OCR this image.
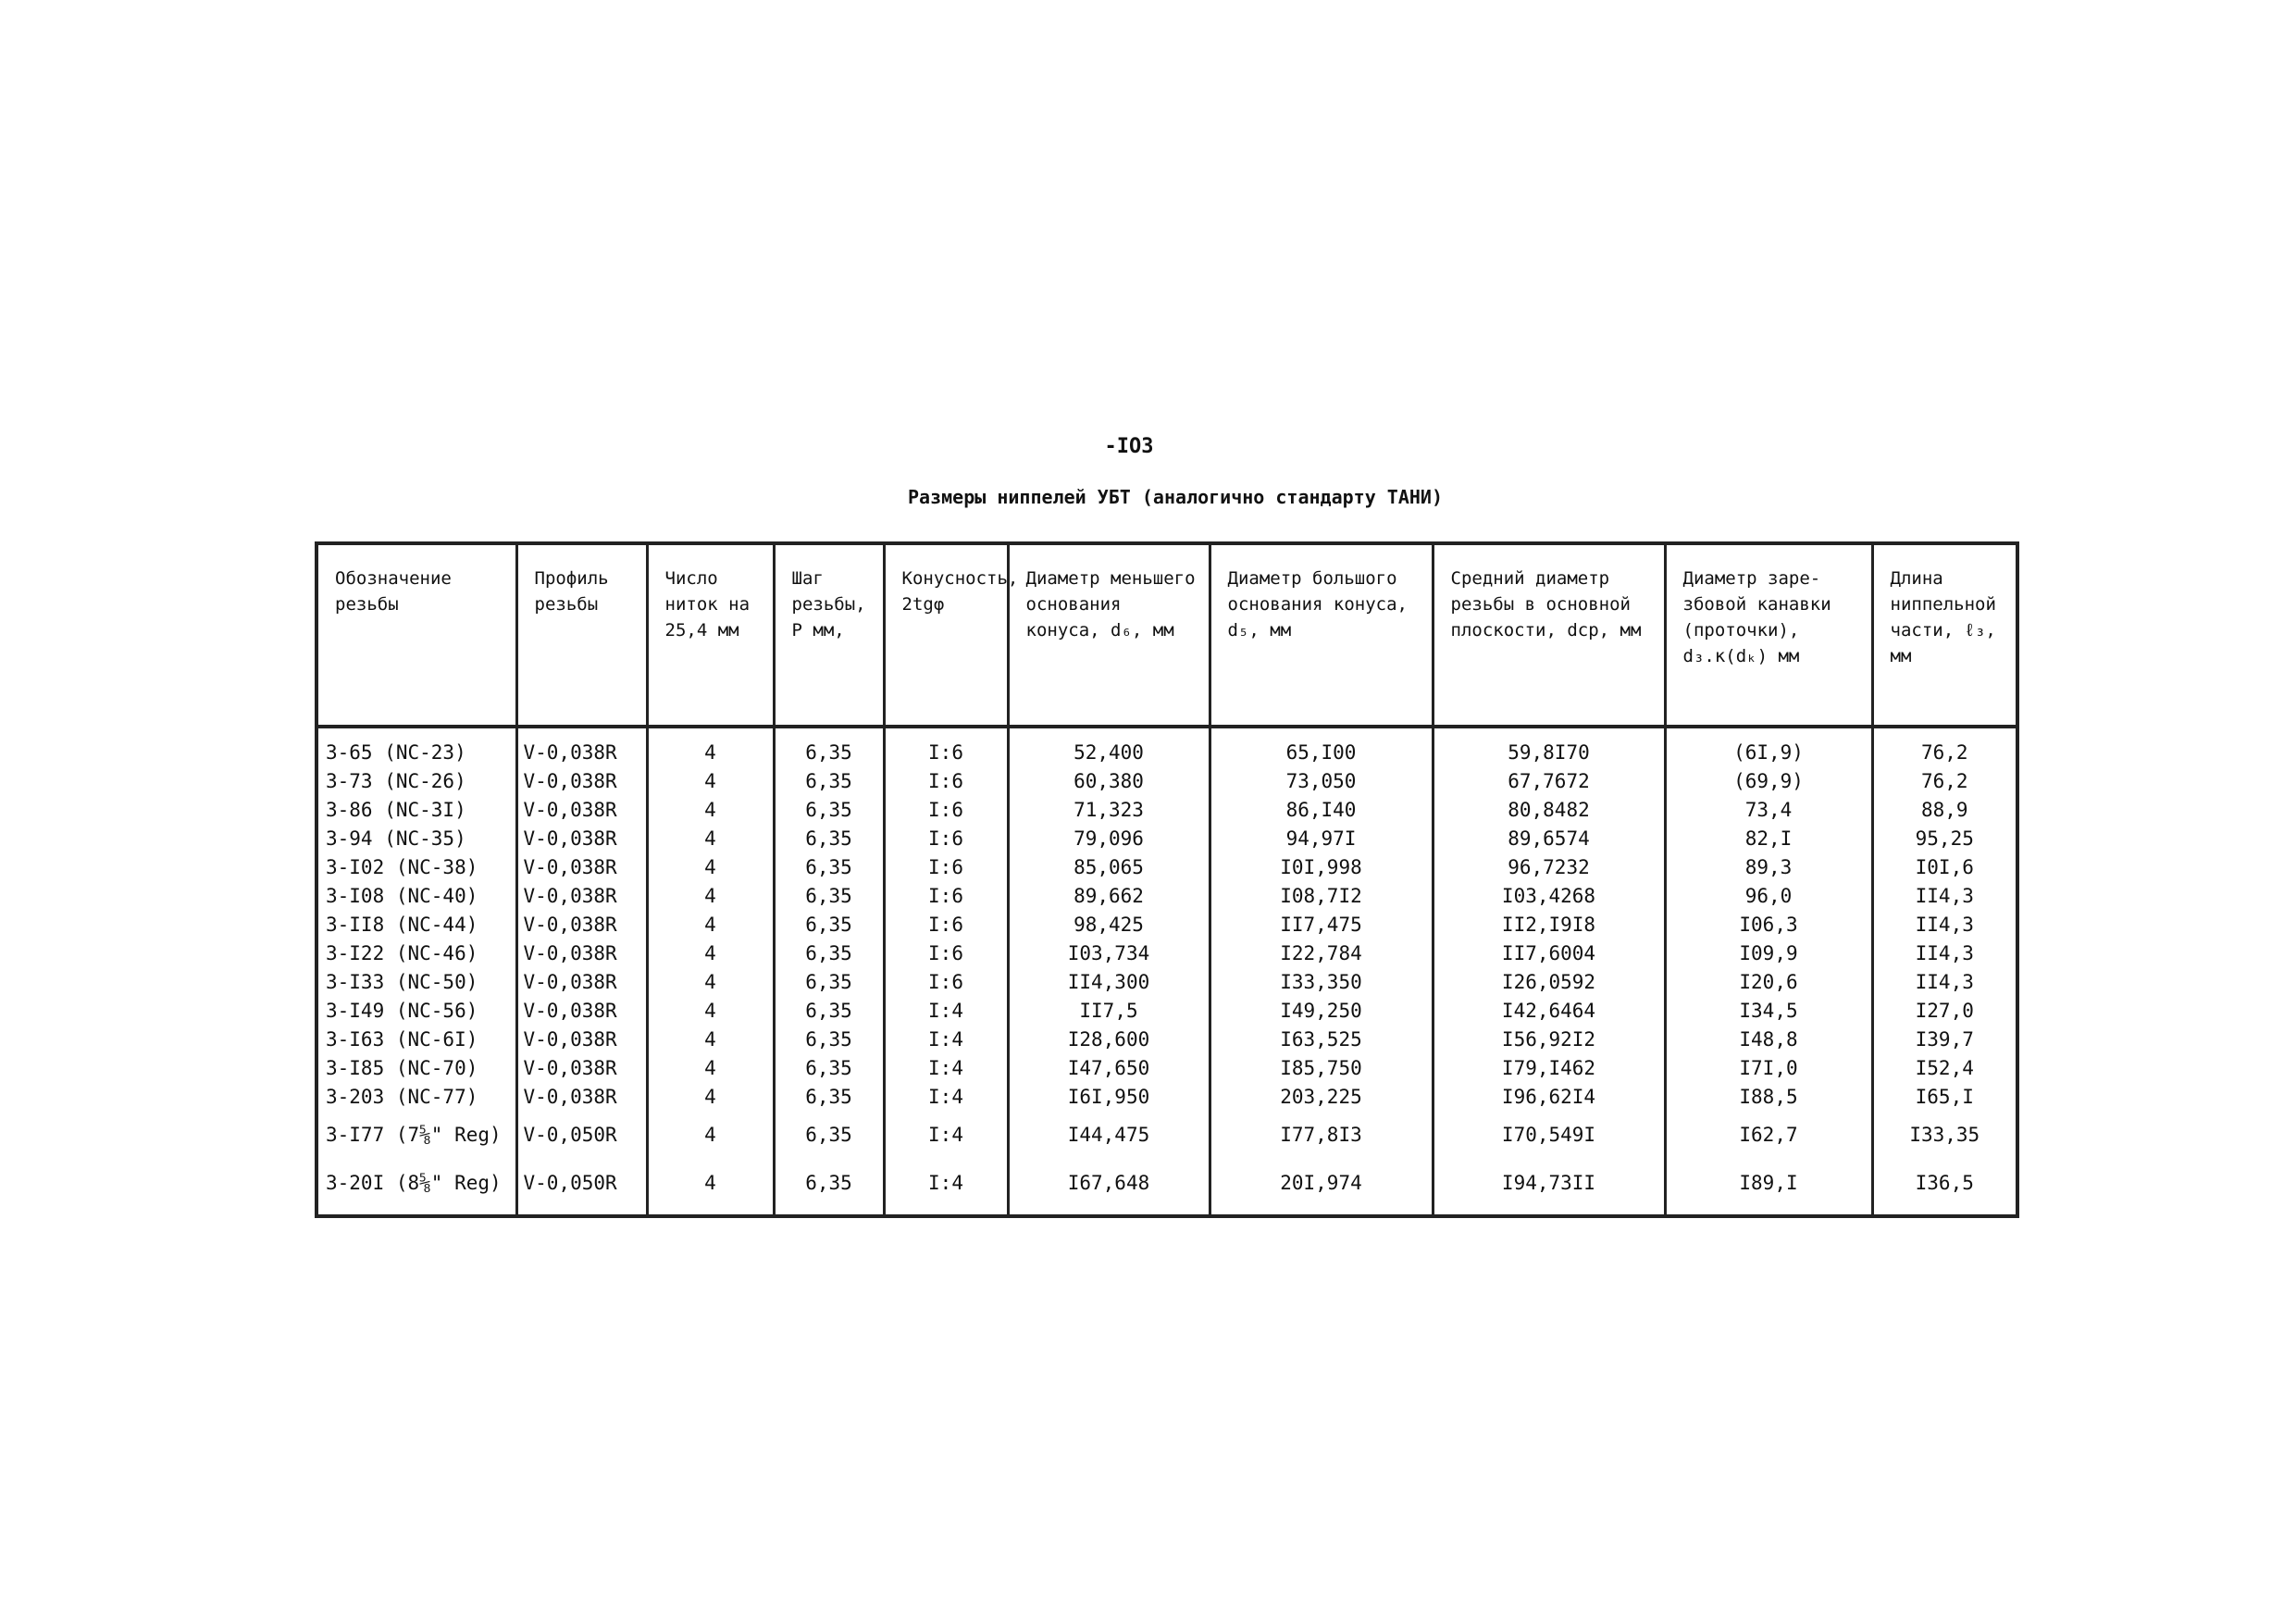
-IO3
Размеры ниппелей УБТ (аналогично стандарту ТАНИ)
Обозначение резьбы	Профиль резьбы	Число ниток на 25,4 мм	Шаг резьбы, P мм,	Конусность, 2tgφ	Диаметр меньшего основания конуса, d₆, мм	Диаметр большого основания конуса, d₅, мм	Средний диаметр резьбы в основной плоскости, dср, мм	Диаметр зарезбовой канавки (проточки), d₃.к(dₖ) мм	Длина ниппельной части, ℓ₃, мм
3-65 (NC-23)	V-0,038R	4	6,35	I:6	52,400	65,I00	59,8I70	(6I,9)	76,2
3-73 (NC-26)	V-0,038R	4	6,35	I:6	60,380	73,050	67,7672	(69,9)	76,2
3-86 (NC-3I)	V-0,038R	4	6,35	I:6	71,323	86,I40	80,8482	73,4	88,9
3-94 (NC-35)	V-0,038R	4	6,35	I:6	79,096	94,97I	89,6574	82,I	95,25
3-I02 (NC-38)	V-0,038R	4	6,35	I:6	85,065	I0I,998	96,7232	89,3	I0I,6
3-I08 (NC-40)	V-0,038R	4	6,35	I:6	89,662	I08,7I2	I03,4268	96,0	II4,3
3-II8 (NC-44)	V-0,038R	4	6,35	I:6	98,425	II7,475	II2,I9I8	I06,3	II4,3
3-I22 (NC-46)	V-0,038R	4	6,35	I:6	I03,734	I22,784	II7,6004	I09,9	II4,3
3-I33 (NC-50)	V-0,038R	4	6,35	I:6	II4,300	I33,350	I26,0592	I20,6	II4,3
3-I49 (NC-56)	V-0,038R	4	6,35	I:4	II7,5	I49,250	I42,6464	I34,5	I27,0
3-I63 (NC-6I)	V-0,038R	4	6,35	I:4	I28,600	I63,525	I56,92I2	I48,8	I39,7
3-I85 (NC-70)	V-0,038R	4	6,35	I:4	I47,650	I85,750	I79,I462	I7I,0	I52,4
3-203 (NC-77)	V-0,038R	4	6,35	I:4	I6I,950	203,225	I96,62I4	I88,5	I65,I
3-I77 (7⅝" Reg)	V-0,050R	4	6,35	I:4	I44,475	I77,8I3	I70,549I	I62,7	I33,35
3-20I (8⅝" Reg)	V-0,050R	4	6,35	I:4	I67,648	20I,974	I94,73II	I89,I	I36,5
